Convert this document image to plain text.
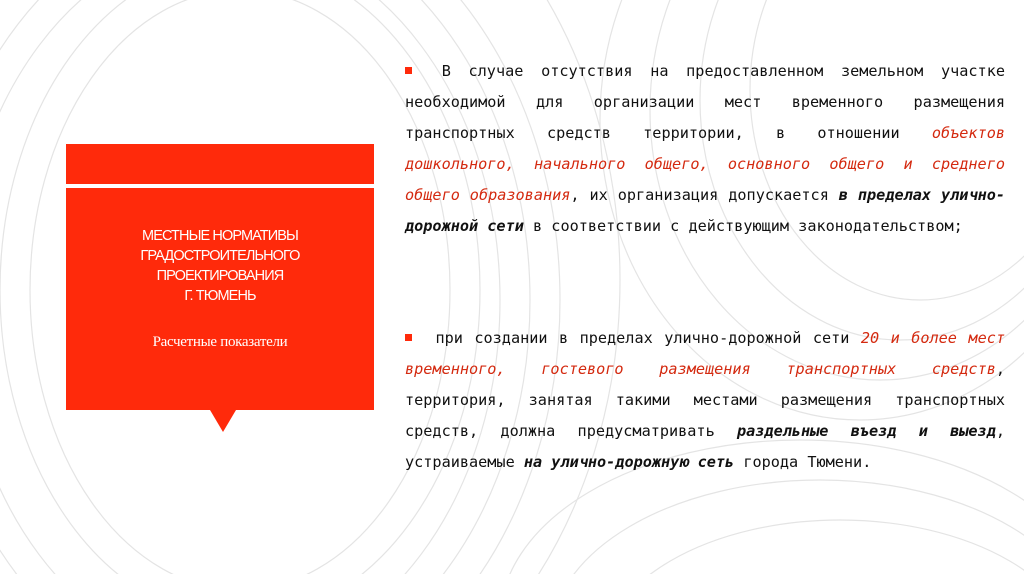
МЕСТНЫЕ НОРМАТИВЫ
ГРАДОСТРОИТЕЛЬНОГО
ПРОЕКТИРОВАНИЯ
Г. ТЮМЕНЬ
Расчетные показатели
В случае отсутствия на предоставленном земельном участке необходимой для организации мест временного размещения транспортных средств территории, в отношении объектов дошкольного, начального общего, основного общего и среднего общего образования, их организация допускается в пределах улично-дорожной сети в соответствии с действующим законодательством;
при создании в пределах улично-дорожной сети 20 и более мест временного, гостевого размещения транспортных средств, территория, занятая такими местами размещения транспортных средств, должна предусматривать раздельные въезд и выезд, устраиваемые на улично-дорожную сеть города Тюмени.
